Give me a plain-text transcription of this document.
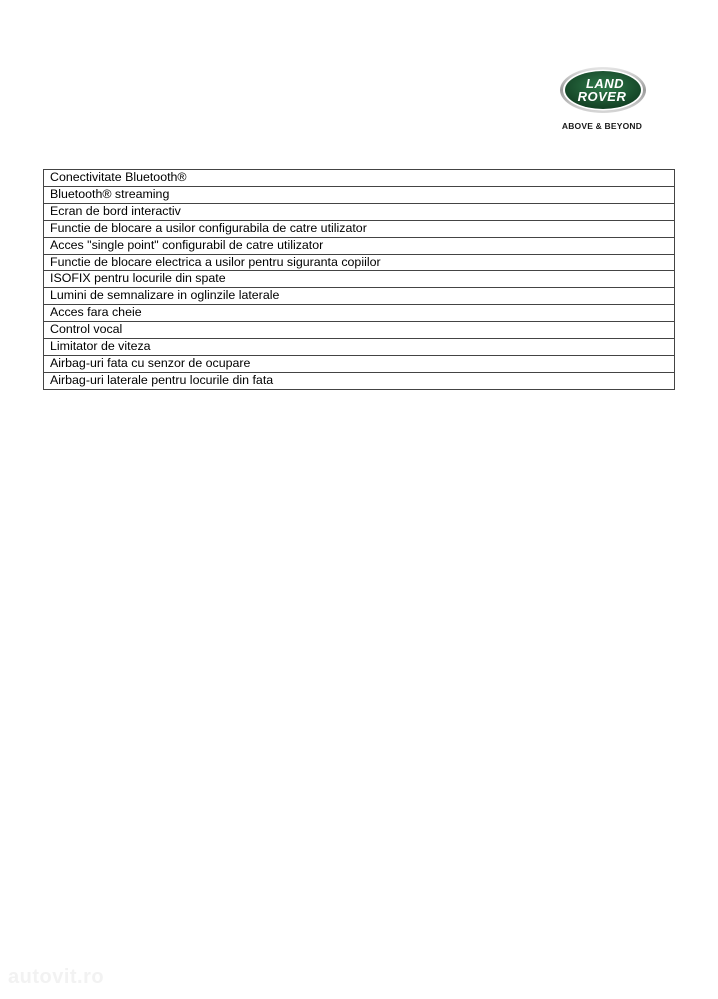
LAND
ROVER
ABOVE & BEYOND
Conectivitate Bluetooth®
Bluetooth® streaming
Ecran de bord interactiv
Functie de blocare a usilor configurabila de catre utilizator
Acces "single point" configurabil de catre utilizator
Functie de blocare electrica a usilor pentru siguranta copiilor
ISOFIX pentru locurile din spate
Lumini de semnalizare in oglinzile laterale
Acces fara cheie
Control vocal
Limitator de viteza
Airbag-uri fata cu senzor de ocupare
Airbag-uri laterale pentru locurile din fata
autovit.ro
